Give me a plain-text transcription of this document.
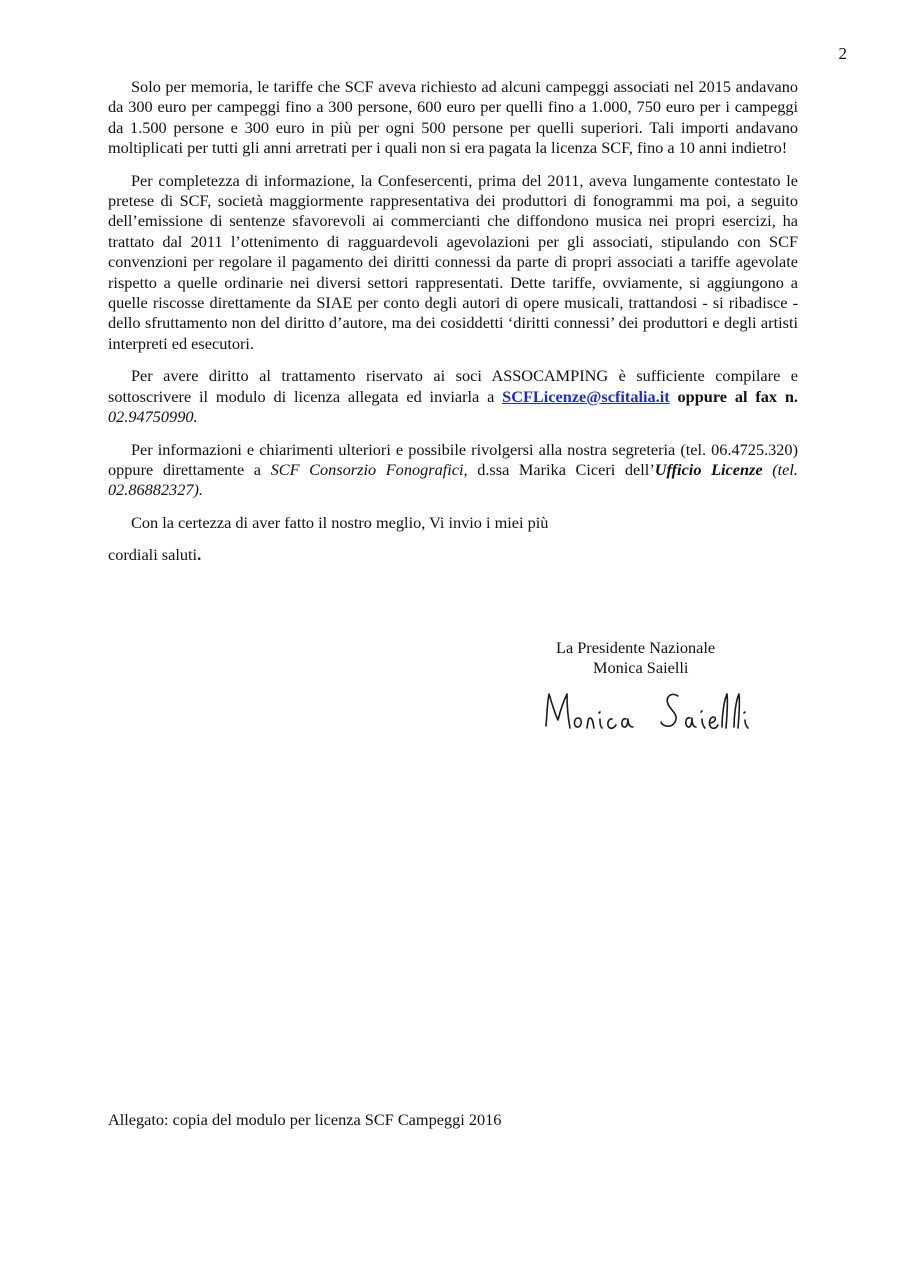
2

Solo per memoria, le tariffe che SCF aveva richiesto ad alcuni campeggi associati nel 2015 andavano da 300 euro per campeggi fino a 300 persone, 600 euro per quelli fino a 1.000, 750 euro per i campeggi da 1.500 persone e 300 euro in più per ogni 500 persone per quelli superiori. Tali importi andavano moltiplicati per tutti gli anni arretrati per i quali non si era pagata la licenza SCF, fino a 10 anni indietro!

Per completezza di informazione, la Confesercenti, prima del 2011, aveva lungamente contestato le pretese di SCF, società maggiormente rappresentativa dei produttori di fonogrammi ma poi, a seguito dell’emissione di sentenze sfavorevoli ai commercianti che diffondono musica nei propri esercizi, ha trattato dal 2011 l’ottenimento di ragguardevoli agevolazioni per gli associati, stipulando con SCF convenzioni per regolare il pagamento dei diritti connessi da parte di propri associati a tariffe agevolate rispetto a quelle ordinarie nei diversi settori rappresentati. Dette tariffe, ovviamente, si aggiungono a quelle riscosse direttamente da SIAE per conto degli autori di opere musicali, trattandosi - si ribadisce - dello sfruttamento non del diritto d’autore, ma dei cosiddetti ‘diritti connessi’ dei produttori e degli artisti interpreti ed esecutori.

Per avere diritto al trattamento riservato ai soci ASSOCAMPING è sufficiente compilare e sottoscrivere il modulo di licenza allegata ed inviarla a SCFLicenze@scfitalia.it oppure al fax n. 02.94750990.

Per informazioni e chiarimenti ulteriori e possibile rivolgersi alla nostra segreteria (tel. 06.4725.320) oppure direttamente a SCF Consorzio Fonografici, d.ssa Marika Ciceri dell’Ufficio Licenze (tel. 02.86882327).

Con la certezza di aver fatto il nostro meglio, Vi invio i miei più

cordiali saluti.

La Presidente Nazionale
Monica Saielli
Allegato: copia del modulo per licenza SCF Campeggi 2016
